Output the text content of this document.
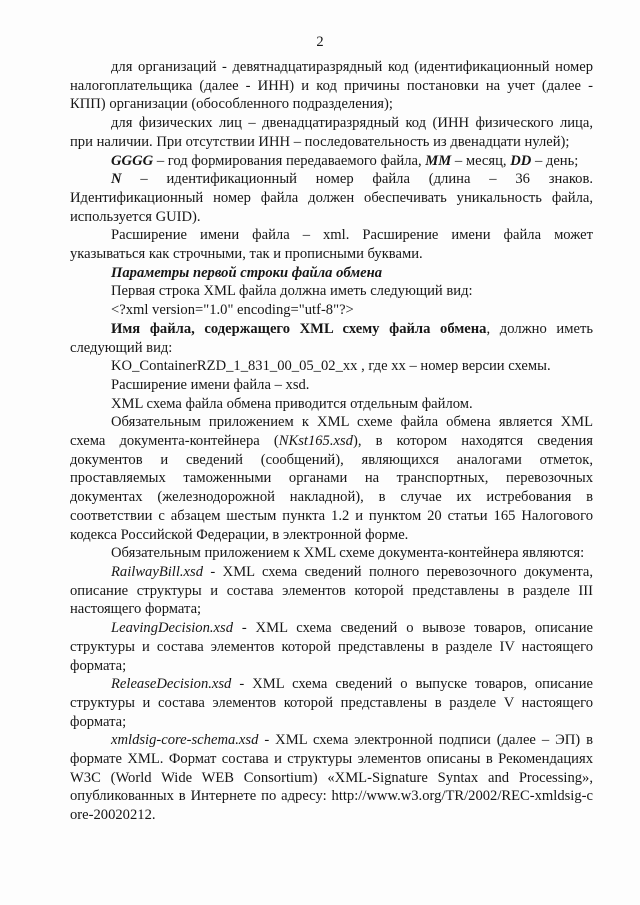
2

для организаций - девятнадцатиразрядный код (идентификационный номер налогоплательщика (далее - ИНН) и код причины постановки на учет (далее - КПП) организации (обособленного подразделения);

для физических лиц – двенадцатиразрядный код (ИНН физического лица, при наличии. При отсутствии ИНН – последовательность из двенадцати нулей);

GGGG – год формирования передаваемого файла, MM – месяц, DD – день;

N – идентификационный номер файла (длина – 36 знаков. Идентификационный номер файла должен обеспечивать уникальность файла, используется GUID).

Расширение имени файла – xml. Расширение имени файла может указываться как строчными, так и прописными буквами.

Параметры первой строки файла обмена

Первая строка XML файла должна иметь следующий вид:

<?xml version="1.0" encoding="utf-8"?>

Имя файла, содержащего XML схему файла обмена, должно иметь следующий вид:

KO_ContainerRZD_1_831_00_05_02_xx , где xx – номер версии схемы.

Расширение имени файла – xsd.

XML схема файла обмена приводится отдельным файлом.

Обязательным приложением к XML схеме файла обмена является XML схема документа-контейнера (NKst165.xsd), в котором находятся сведения документов и сведений (сообщений), являющихся аналогами отметок, проставляемых таможенными органами на транспортных, перевозочных документах (железнодорожной накладной), в случае их истребования в соответствии с абзацем шестым пункта 1.2 и пунктом 20 статьи 165 Налогового кодекса Российской Федерации, в электронной форме.

Обязательным приложением к XML схеме документа-контейнера являются:

RailwayBill.xsd - XML схема сведений полного перевозочного документа, описание структуры и состава элементов которой представлены в разделе III настоящего формата;

LeavingDecision.xsd - XML схема сведений о вывозе товаров, описание структуры и состава элементов которой представлены в разделе IV настоящего формата;

ReleaseDecision.xsd - XML схема сведений о выпуске товаров, описание структуры и состава элементов которой представлены в разделе V настоящего формата;

xmldsig-core-schema.xsd - XML схема электронной подписи (далее – ЭП) в формате XML. Формат состава и структуры элементов описаны в Рекомендациях W3C (World Wide WEB Consortium) «XML-Signature Syntax and Processing», опубликованных в Интернете по адресу: http://www.w3.org/TR/2002/REC-xmldsig-core-20020212.
